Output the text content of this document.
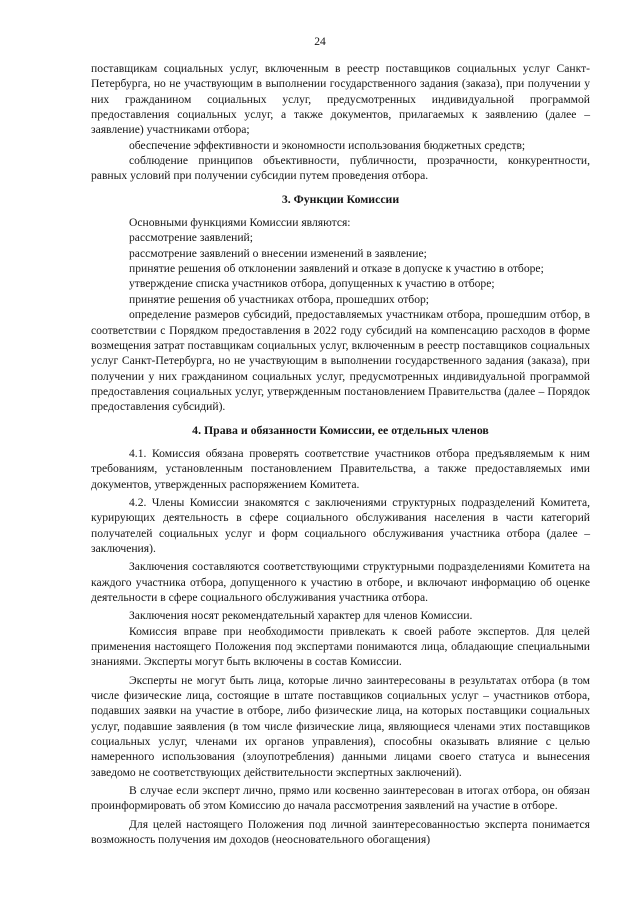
24

поставщикам социальных услуг, включенным в реестр поставщиков социальных услуг Санкт-Петербурга, но не участвующим в выполнении государственного задания (заказа), при получении у них гражданином социальных услуг, предусмотренных индивидуальной программой предоставления социальных услуг, а также документов, прилагаемых к заявлению (далее – заявление) участниками отбора;

обеспечение эффективности и экономности использования бюджетных средств;

соблюдение принципов объективности, публичности, прозрачности, конкурентности, равных условий при получении субсидии путем проведения отбора.

3. Функции Комиссии

Основными функциями Комиссии являются:

рассмотрение заявлений;

рассмотрение заявлений о внесении изменений в заявление;

принятие решения об отклонении заявлений и отказе в допуске к участию в отборе;

утверждение списка участников отбора, допущенных к участию в отборе;

принятие решения об участниках отбора, прошедших отбор;

определение размеров субсидий, предоставляемых участникам отбора, прошедшим отбор, в соответствии с Порядком предоставления в 2022 году субсидий на компенсацию расходов в форме возмещения затрат поставщикам социальных услуг, включенным в реестр поставщиков социальных услуг Санкт-Петербурга, но не участвующим в выполнении государственного задания (заказа), при получении у них гражданином социальных услуг, предусмотренных индивидуальной программой предоставления социальных услуг, утвержденным постановлением Правительства (далее – Порядок предоставления субсидий).

4. Права и обязанности Комиссии, ее отдельных членов

4.1. Комиссия обязана проверять соответствие участников отбора предъявляемым к ним требованиям, установленным постановлением Правительства, а также предоставляемых ими документов, утвержденных распоряжением Комитета.

4.2. Члены Комиссии знакомятся с заключениями структурных подразделений Комитета, курирующих деятельность в сфере социального обслуживания населения в части категорий получателей социальных услуг и форм социального обслуживания участника отбора (далее – заключения).

Заключения составляются соответствующими структурными подразделениями Комитета на каждого участника отбора, допущенного к участию в отборе, и включают информацию об оценке деятельности в сфере социального обслуживания участника отбора.

Заключения носят рекомендательный характер для членов Комиссии.

Комиссия вправе при необходимости привлекать к своей работе экспертов. Для целей применения настоящего Положения под экспертами понимаются лица, обладающие специальными знаниями. Эксперты могут быть включены в состав Комиссии.

Эксперты не могут быть лица, которые лично заинтересованы в результатах отбора (в том числе физические лица, состоящие в штате поставщиков социальных услуг – участников отбора, подавших заявки на участие в отборе, либо физические лица, на которых поставщики социальных услуг, подавшие заявления (в том числе физические лица, являющиеся членами этих поставщиков социальных услуг, членами их органов управления), способны оказывать влияние с целью намеренного использования (злоупотребления) данными лицами своего статуса и вынесения заведомо не соответствующих действительности экспертных заключений).

В случае если эксперт лично, прямо или косвенно заинтересован в итогах отбора, он обязан проинформировать об этом Комиссию до начала рассмотрения заявлений на участие в отборе.

Для целей настоящего Положения под личной заинтересованностью эксперта понимается возможность получения им доходов (неосновательного обогащения)
